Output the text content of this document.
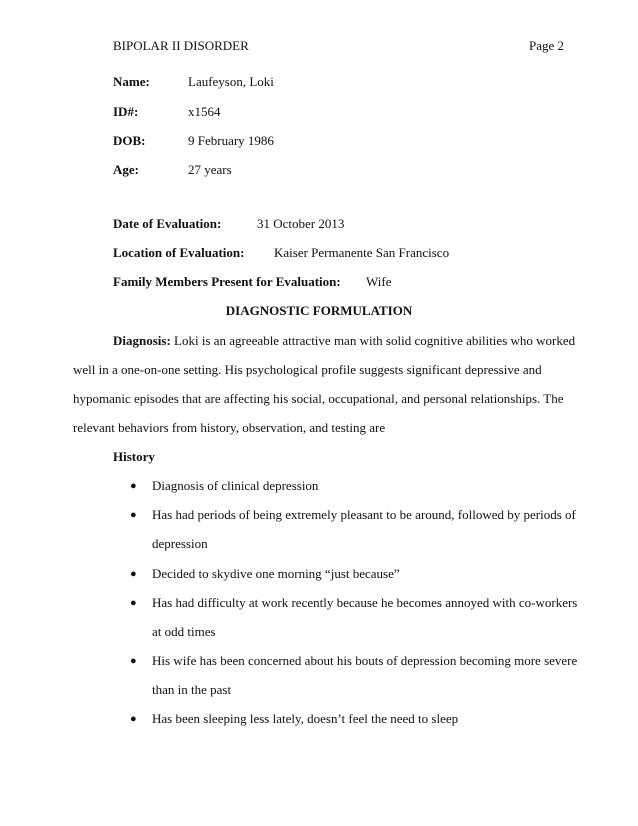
BIPOLAR II DISORDER	Page 2
Name:	Laufeyson, Loki
ID#:	x1564
DOB:	9 February 1986
Age:	27 years
Date of Evaluation:	31 October 2013
Location of Evaluation: Kaiser Permanente San Francisco
Family Members Present for Evaluation: Wife
DIAGNOSTIC FORMULATION
Diagnosis: Loki is an agreeable attractive man with solid cognitive abilities who worked
well in a one-on-one setting. His psychological profile suggests significant depressive and
hypomanic episodes that are affecting his social, occupational, and personal relationships. The
relevant behaviors from history, observation, and testing are
History
● Diagnosis of clinical depression
● Has had periods of being extremely pleasant to be around, followed by periods of
depression
● Decided to skydive one morning “just because”
● Has had difficulty at work recently because he becomes annoyed with co-workers
at odd times
● His wife has been concerned about his bouts of depression becoming more severe
than in the past
● Has been sleeping less lately, doesn’t feel the need to sleep
